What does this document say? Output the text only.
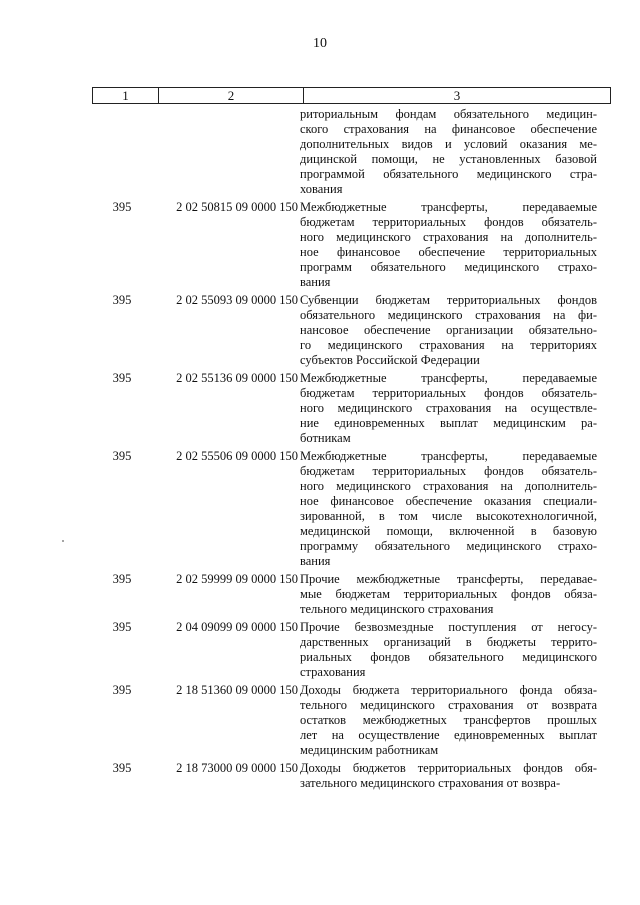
10
1	2	3
риториальным фондам обязательного медицин-
ского страхования на финансовое обеспечение
дополнительных видов и условий оказания ме-
дицинской помощи, не установленных базовой
программой обязательного медицинского стра-
хования
395	2 02 50815 09 0000 150 Межбюджетные трансферты, передаваемые
бюджетам территориальных фондов обязатель-
ного медицинского страхования на дополнитель-
ное финансовое обеспечение территориальных
программ обязательного медицинского страхо-
вания
395	2 02 55093 09 0000 150 Субвенции бюджетам территориальных фондов
обязательного медицинского страхования на фи-
нансовое обеспечение организации обязательно-
го медицинского страхования на территориях
субъектов Российской Федерации
395	2 02 55136 09 0000 150 Межбюджетные трансферты, передаваемые
бюджетам территориальных фондов обязатель-
ного медицинского страхования на осуществле-
ние единовременных выплат медицинским ра-
ботникам
395	2 02 55506 09 0000 150 Межбюджетные трансферты, передаваемые
бюджетам территориальных фондов обязатель-
ного медицинского страхования на дополнитель-
ное финансовое обеспечение оказания специали-
зированной, в том числе высокотехнологичной,
медицинской помощи, включенной в базовую
программу обязательного медицинского страхо-
вания
395	2 02 59999 09 0000 150 Прочие межбюджетные трансферты, передавае-
мые бюджетам территориальных фондов обяза-
тельного медицинского страхования
395	2 04 09099 09 0000 150 Прочие безвозмездные поступления от негосу-
дарственных организаций в бюджеты террито-
риальных фондов обязательного медицинского
страхования
395	2 18 51360 09 0000 150 Доходы бюджета территориального фонда обяза-
тельного медицинского страхования от возврата
остатков межбюджетных трансфертов прошлых
лет на осуществление единовременных выплат
медицинским работникам
395	2 18 73000 09 0000 150 Доходы бюджетов территориальных фондов обя-
зательного медицинского страхования от возвра-
